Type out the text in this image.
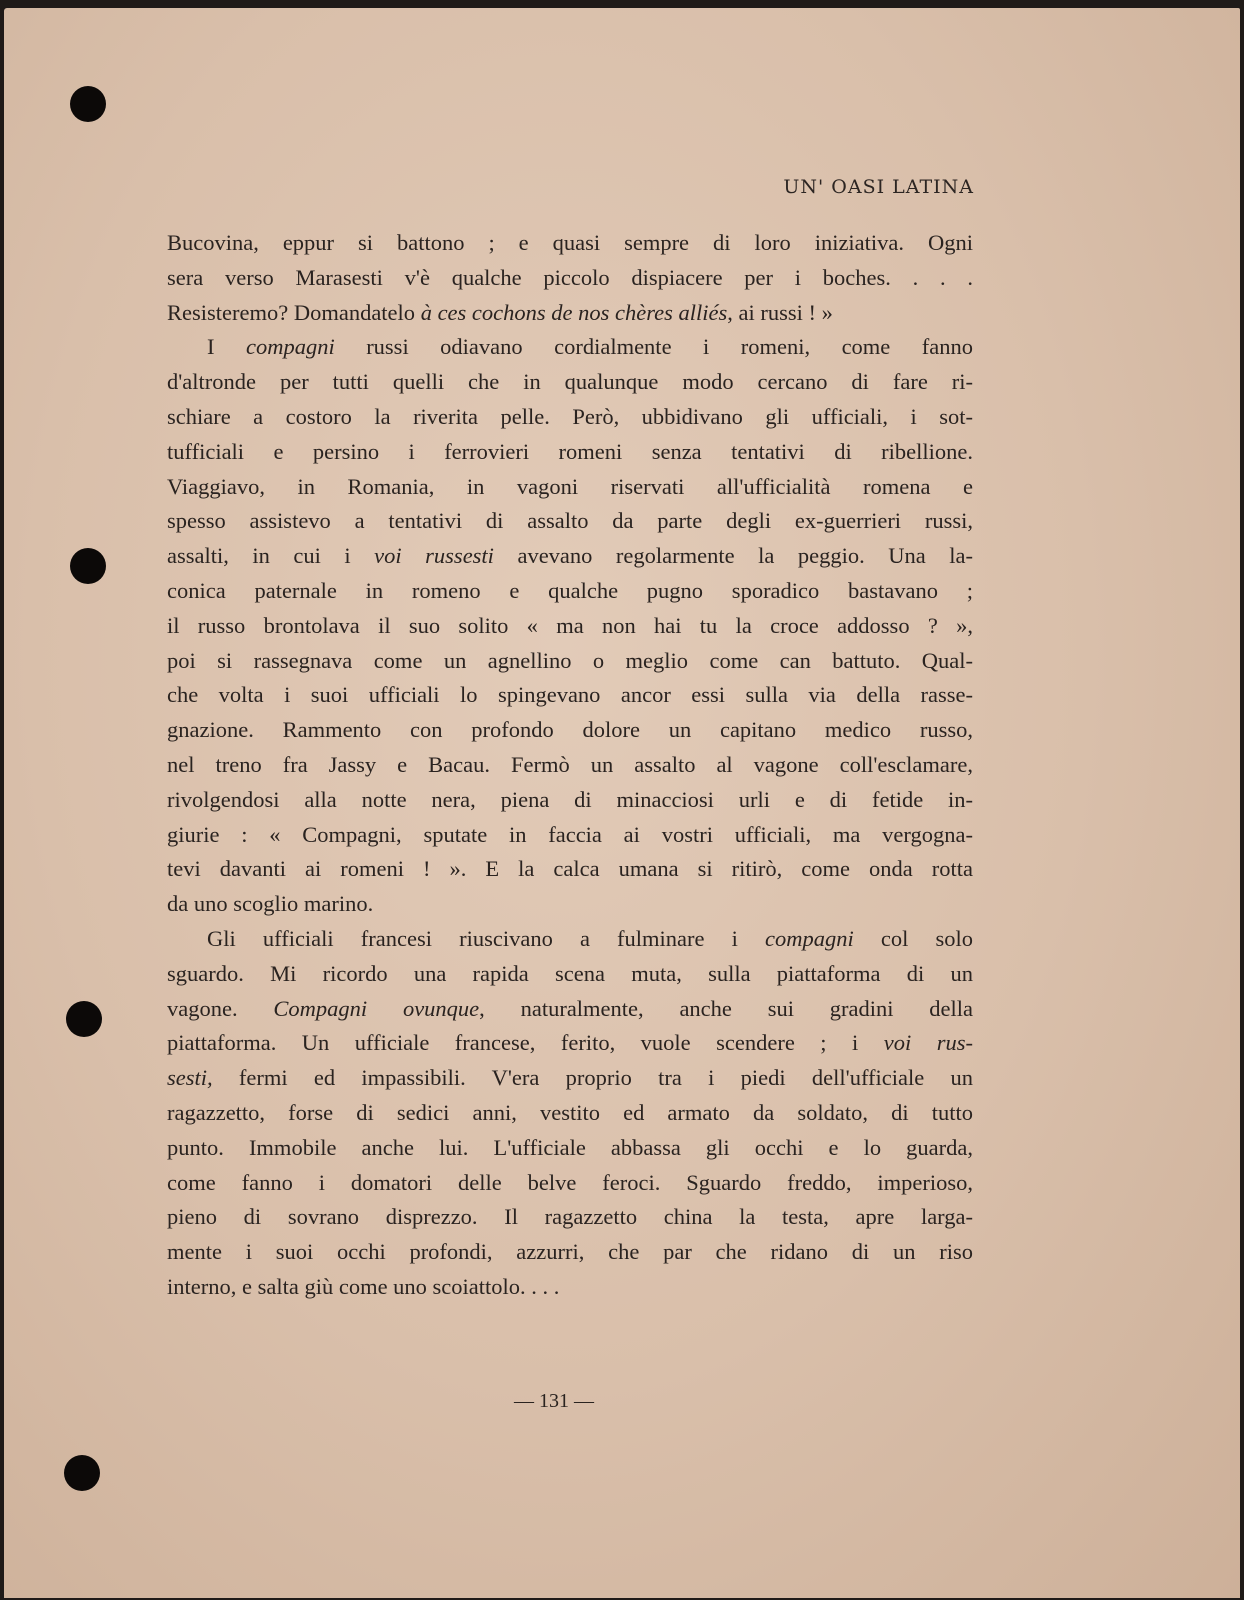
UN' OASI LATINA
Bucovina, eppur si battono ; e quasi sempre di loro iniziativa. Ogni
sera verso Marasesti v'è qualche piccolo dispiacere per i boches. . . .
Resisteremo? Domandatelo à ces cochons de nos chères alliés, ai russi ! »
I compagni russi odiavano cordialmente i romeni, come fanno
d'altronde per tutti quelli che in qualunque modo cercano di fare ri-
schiare a costoro la riverita pelle. Però, ubbidivano gli ufficiali, i sot-
tufficiali e persino i ferrovieri romeni senza tentativi di ribellione.
Viaggiavo, in Romania, in vagoni riservati all'ufficialità romena e
spesso assistevo a tentativi di assalto da parte degli ex-guerrieri russi,
assalti, in cui i voi russesti avevano regolarmente la peggio. Una la-
conica paternale in romeno e qualche pugno sporadico bastavano ;
il russo brontolava il suo solito « ma non hai tu la croce addosso ? »,
poi si rassegnava come un agnellino o meglio come can battuto. Qual-
che volta i suoi ufficiali lo spingevano ancor essi sulla via della rasse-
gnazione. Rammento con profondo dolore un capitano medico russo,
nel treno fra Jassy e Bacau. Fermò un assalto al vagone coll'esclamare,
rivolgendosi alla notte nera, piena di minacciosi urli e di fetide in-
giurie : « Compagni, sputate in faccia ai vostri ufficiali, ma vergogna-
tevi davanti ai romeni ! ». E la calca umana si ritirò, come onda rotta
da uno scoglio marino.
Gli ufficiali francesi riuscivano a fulminare i compagni col solo
sguardo. Mi ricordo una rapida scena muta, sulla piattaforma di un
vagone. Compagni ovunque, naturalmente, anche sui gradini della
piattaforma. Un ufficiale francese, ferito, vuole scendere ; i voi rus-
sesti, fermi ed impassibili. V'era proprio tra i piedi dell'ufficiale un
ragazzetto, forse di sedici anni, vestito ed armato da soldato, di tutto
punto. Immobile anche lui. L'ufficiale abbassa gli occhi e lo guarda,
come fanno i domatori delle belve feroci. Sguardo freddo, imperioso,
pieno di sovrano disprezzo. Il ragazzetto china la testa, apre larga-
mente i suoi occhi profondi, azzurri, che par che ridano di un riso
interno, e salta giù come uno scoiattolo. . . .
— 131 —
